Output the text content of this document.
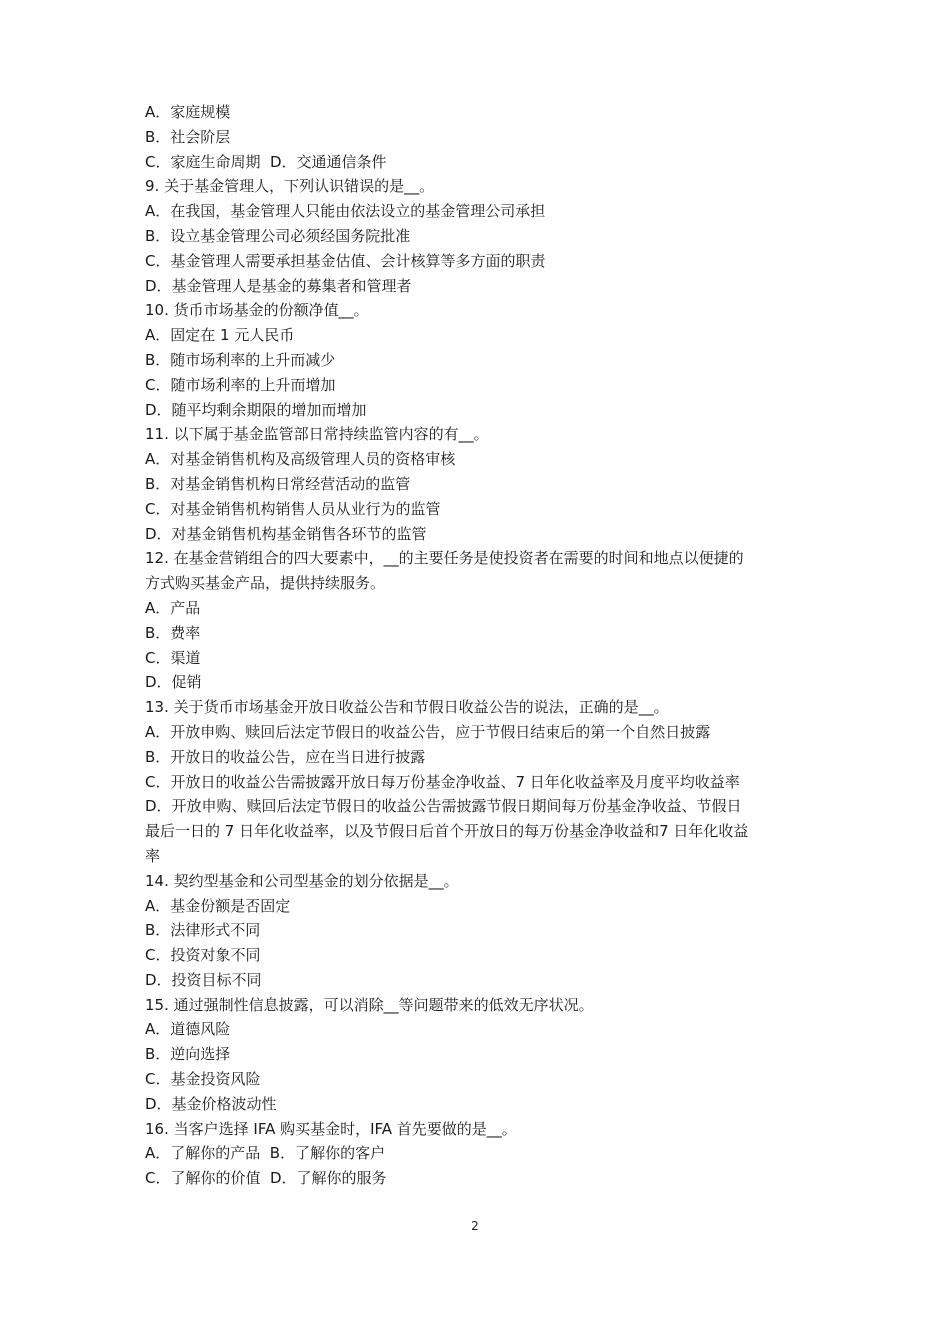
A．家庭规模
B．社会阶层
C．家庭生命周期  D．交通通信条件
9. 关于基金管理人，下列认识错误的是__。
A．在我国，基金管理人只能由依法设立的基金管理公司承担
B．设立基金管理公司必须经国务院批准
C．基金管理人需要承担基金估值、会计核算等多方面的职责
D．基金管理人是基金的募集者和管理者
10. 货币市场基金的份额净值__。
A．固定在 1 元人民币
B．随市场利率的上升而减少
C．随市场利率的上升而增加
D．随平均剩余期限的增加而增加
11. 以下属于基金监管部日常持续监管内容的有__。
A．对基金销售机构及高级管理人员的资格审核
B．对基金销售机构日常经营活动的监管
C．对基金销售机构销售人员从业行为的监管
D．对基金销售机构基金销售各环节的监管
12. 在基金营销组合的四大要素中，__的主要任务是使投资者在需要的时间和地点以便捷的
方式购买基金产品，提供持续服务。
A．产品
B．费率
C．渠道
D．促销
13. 关于货币市场基金开放日收益公告和节假日收益公告的说法，正确的是__。
A．开放申购、赎回后法定节假日的收益公告，应于节假日结束后的第一个自然日披露
B．开放日的收益公告，应在当日进行披露
C．开放日的收益公告需披露开放日每万份基金净收益、7 日年化收益率及月度平均收益率
D．开放申购、赎回后法定节假日的收益公告需披露节假日期间每万份基金净收益、节假日
最后一日的 7 日年化收益率，以及节假日后首个开放日的每万份基金净收益和7 日年化收益
率
14. 契约型基金和公司型基金的划分依据是__。
A．基金份额是否固定
B．法律形式不同
C．投资对象不同
D．投资目标不同
15. 通过强制性信息披露，可以消除__等问题带来的低效无序状况。
A．道德风险
B．逆向选择
C．基金投资风险
D．基金价格波动性
16. 当客户选择 IFA 购买基金时，IFA 首先要做的是__。
A．了解你的产品  B．了解你的客户
C．了解你的价值  D．了解你的服务
2
